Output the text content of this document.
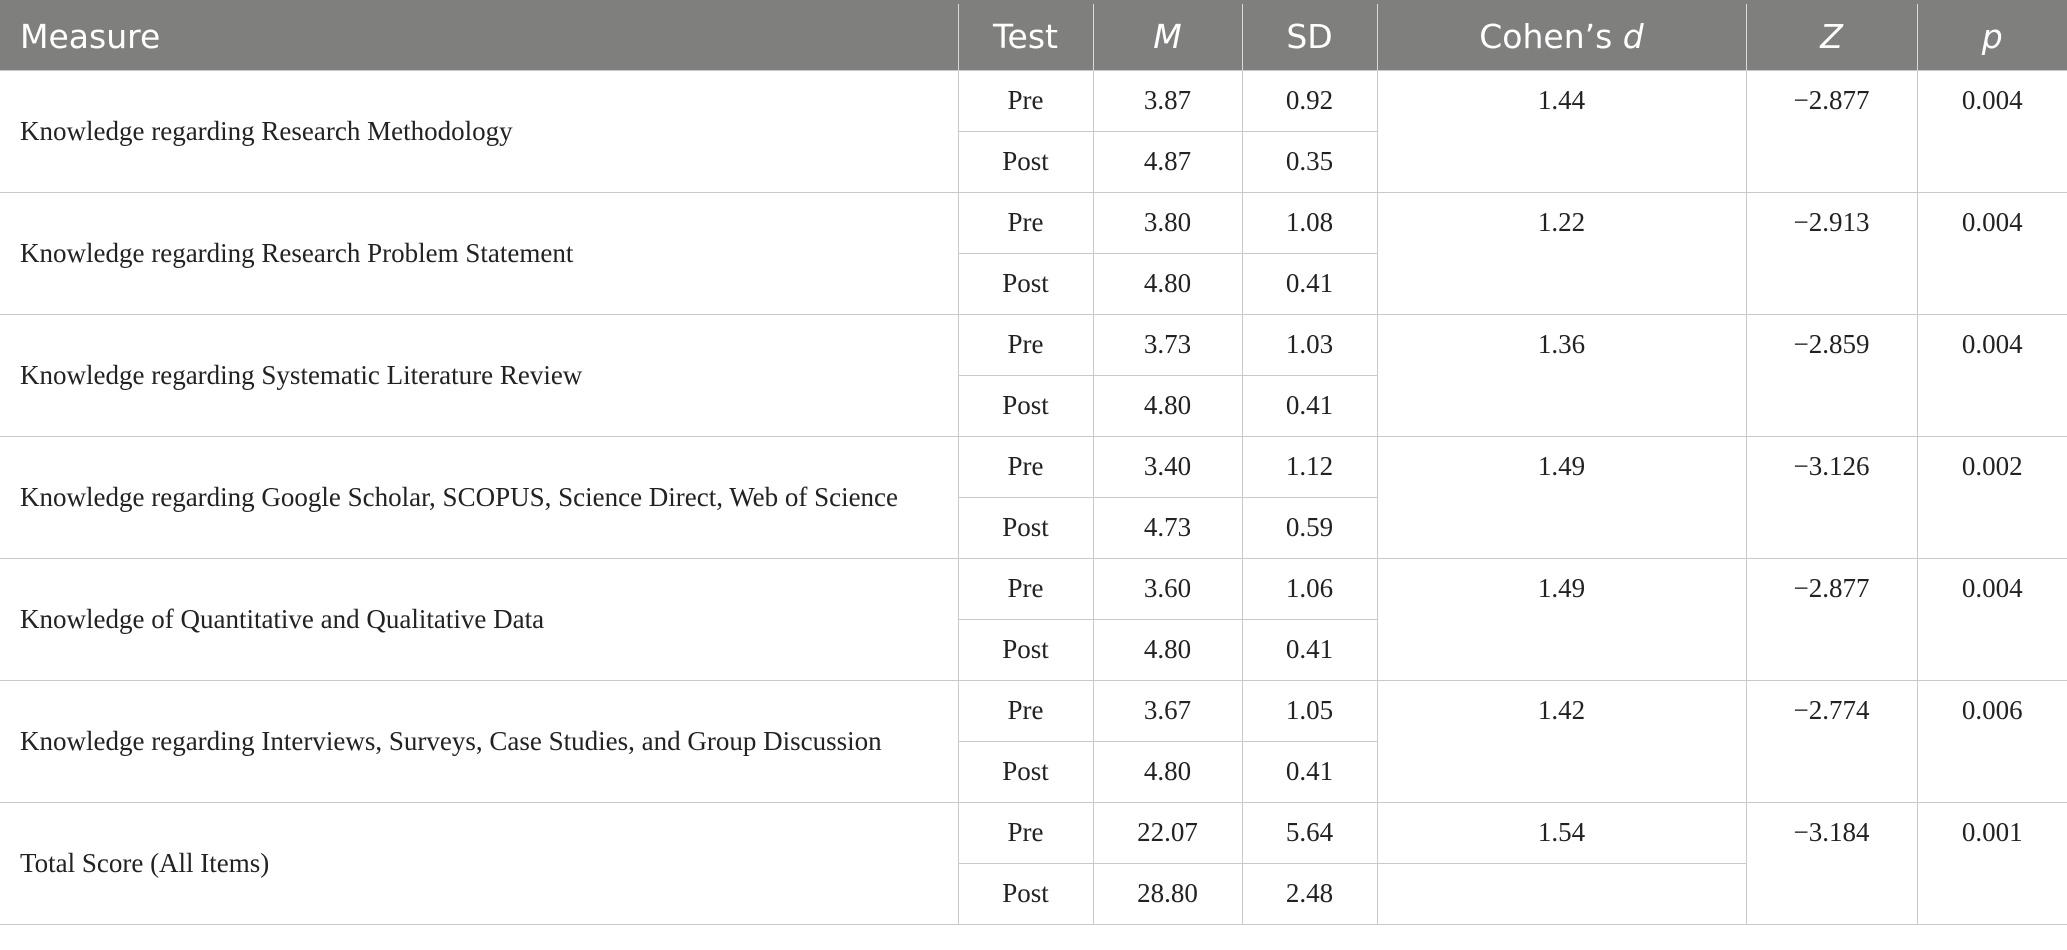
Measure	Test	M	SD	Cohen’s d	Z	p
Knowledge regarding Research Methodology	Pre	3.87	0.92	1.44	−2.877	0.004
	Post	4.87	0.35			
Knowledge regarding Research Problem Statement	Pre	3.80	1.08	1.22	−2.913	0.004
	Post	4.80	0.41			
Knowledge regarding Systematic Literature Review	Pre	3.73	1.03	1.36	−2.859	0.004
	Post	4.80	0.41			
Knowledge regarding Google Scholar, SCOPUS, Science Direct, Web of Science	Pre	3.40	1.12	1.49	−3.126	0.002
	Post	4.73	0.59			
Knowledge of Quantitative and Qualitative Data	Pre	3.60	1.06	1.49	−2.877	0.004
	Post	4.80	0.41			
Knowledge regarding Interviews, Surveys, Case Studies, and Group Discussion	Pre	3.67	1.05	1.42	−2.774	0.006
	Post	4.80	0.41			
Total Score (All Items)	Pre	22.07	5.64	1.54	−3.184	0.001
	Post	28.80	2.48			
